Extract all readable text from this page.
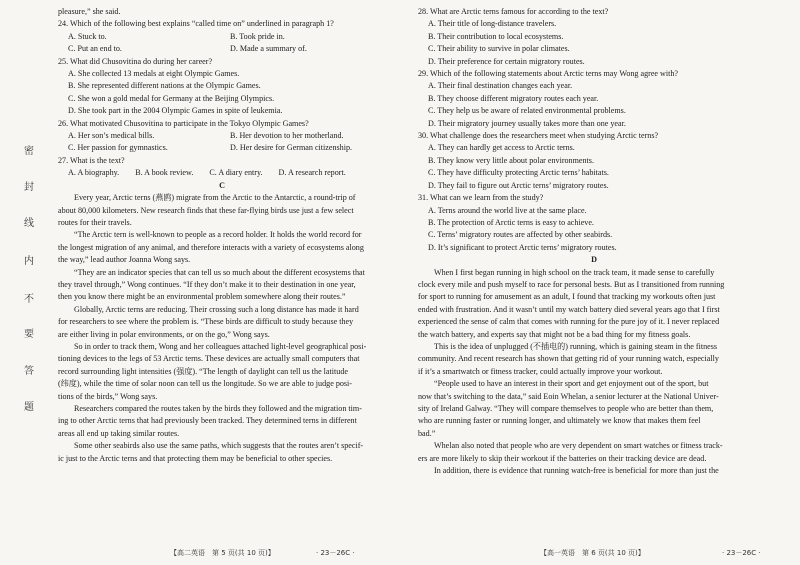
密
封
线
内
不
要
答
题
pleasure,” she said.
24. Which of the following best explains “called time on” underlined in paragraph 1?
A. Stuck to.	B. Took pride in.
C. Put an end to.	D. Made a summary of.
25. What did Chusovitina do during her career?
A. She collected 13 medals at eight Olympic Games.
B. She represented different nations at the Olympic Games.
C. She won a gold medal for Germany at the Beijing Olympics.
D. She took part in the 2004 Olympic Games in spite of leukemia.
26. What motivated Chusovitina to participate in the Tokyo Olympic Games?
A. Her son’s medical bills.	B. Her devotion to her motherland.
C. Her passion for gymnastics.	D. Her desire for German citizenship.
27. What is the text?
A. A biography. B. A book review. C. A diary entry. D. A research report.
C
Every year, Arctic terns (燕鸥) migrate from the Arctic to the Antarctic, a round-trip of
about 80,000 kilometers. New research finds that these far-flying birds use just a few select
routes for their travels.
“The Arctic tern is well-known to people as a record holder. It holds the world record for
the longest migration of any animal, and therefore interacts with a variety of ecosystems along
the way,” lead author Joanna Wong says.
“They are an indicator species that can tell us so much about the different ecosystems that
they travel through,” Wong continues. “If they don’t make it to their destination in one year,
then you know there might be an environmental problem somewhere along their routes.”
Globally, Arctic terns are reducing. Their crossing such a long distance has made it hard
for researchers to see where the problem is. “These birds are difficult to study because they
are either living in polar environments, or on the go,” Wong says.
So in order to track them, Wong and her colleagues attached light-level geographical posi-
tioning devices to the legs of 53 Arctic terns. These devices are actually small computers that
record surrounding light intensities (强度). “The length of daylight can tell us the latitude
(纬度), while the time of solar noon can tell us the longitude. So we are able to judge posi-
tions of the birds,” Wong says.
Researchers compared the routes taken by the birds they followed and the migration tim-
ing to other Arctic terns that had previously been tracked. They determined terns in different
areas all end up taking similar routes.
Some other seabirds also use the same paths, which suggests that the routes aren’t specif-
ic just to the Arctic terns and that protecting them may be beneficial to other species.
28. What are Arctic terns famous for according to the text?
A. Their title of long-distance travelers.
B. Their contribution to local ecosystems.
C. Their ability to survive in polar climates.
D. Their preference for certain migratory routes.
29. Which of the following statements about Arctic terns may Wong agree with?
A. Their final destination changes each year.
B. They choose different migratory routes each year.
C. They help us be aware of related environmental problems.
D. Their migratory journey usually takes more than one year.
30. What challenge does the researchers meet when studying Arctic terns?
A. They can hardly get access to Arctic terns.
B. They know very little about polar environments.
C. They have difficulty protecting Arctic terns’ habitats.
D. They fail to figure out Arctic terns’ migratory routes.
31. What can we learn from the study?
A. Terns around the world live at the same place.
B. The protection of Arctic terns is easy to achieve.
C. Terns’ migratory routes are affected by other seabirds.
D. It’s significant to protect Arctic terns’ migratory routes.
D
When I first began running in high school on the track team, it made sense to carefully
clock every mile and push myself to race for personal bests. But as I transitioned from running
for sport to running for amusement as an adult, I found that tracking my workouts often just
ended with frustration. And it wasn’t until my watch battery died several years ago that I first
experienced the sense of calm that comes with running for the pure joy of it. I never replaced
the watch battery, and experts say that might not be a bad thing for my fitness goals.
This is the idea of unplugged (不插电的) running, which is gaining steam in the fitness
community. And recent research has shown that getting rid of your running watch, especially
if it’s a smartwatch or fitness tracker, could actually improve your workout.
“People used to have an interest in their sport and get enjoyment out of the sport, but
now that’s switching to the data,” said Eoin Whelan, a senior lecturer at the National Univer-
sity of Ireland Galway. “They will compare themselves to people who are better than them,
who are running faster or running longer, and ultimately we know that makes them feel
bad.”
Whelan also noted that people who are very dependent on smart watches or fitness track-
ers are more likely to skip their workout if the batteries on their tracking device are dead.
In addition, there is evidence that running watch-free is beneficial for more than just the
【高二英语　第 5 页(共 10 页)】	· 23－26C ·	【高一英语　第 6 页(共 10 页)】	· 23－26C ·
